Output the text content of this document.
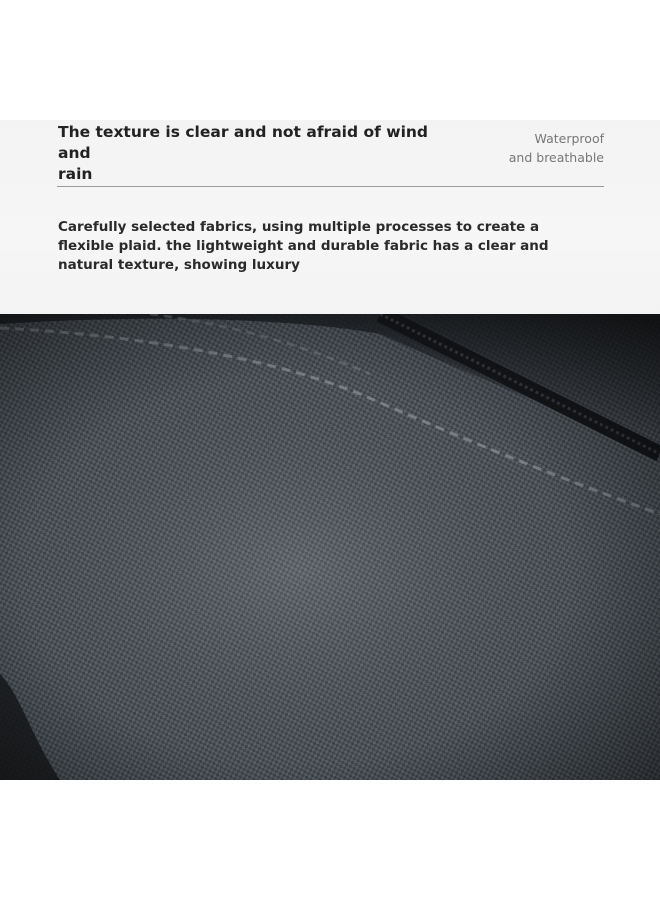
The texture is clear and not afraid of wind and
rain
Waterproof
and breathable

Carefully selected fabrics, using multiple processes to create a
flexible plaid. the lightweight and durable fabric has a clear and
natural texture, showing luxury
